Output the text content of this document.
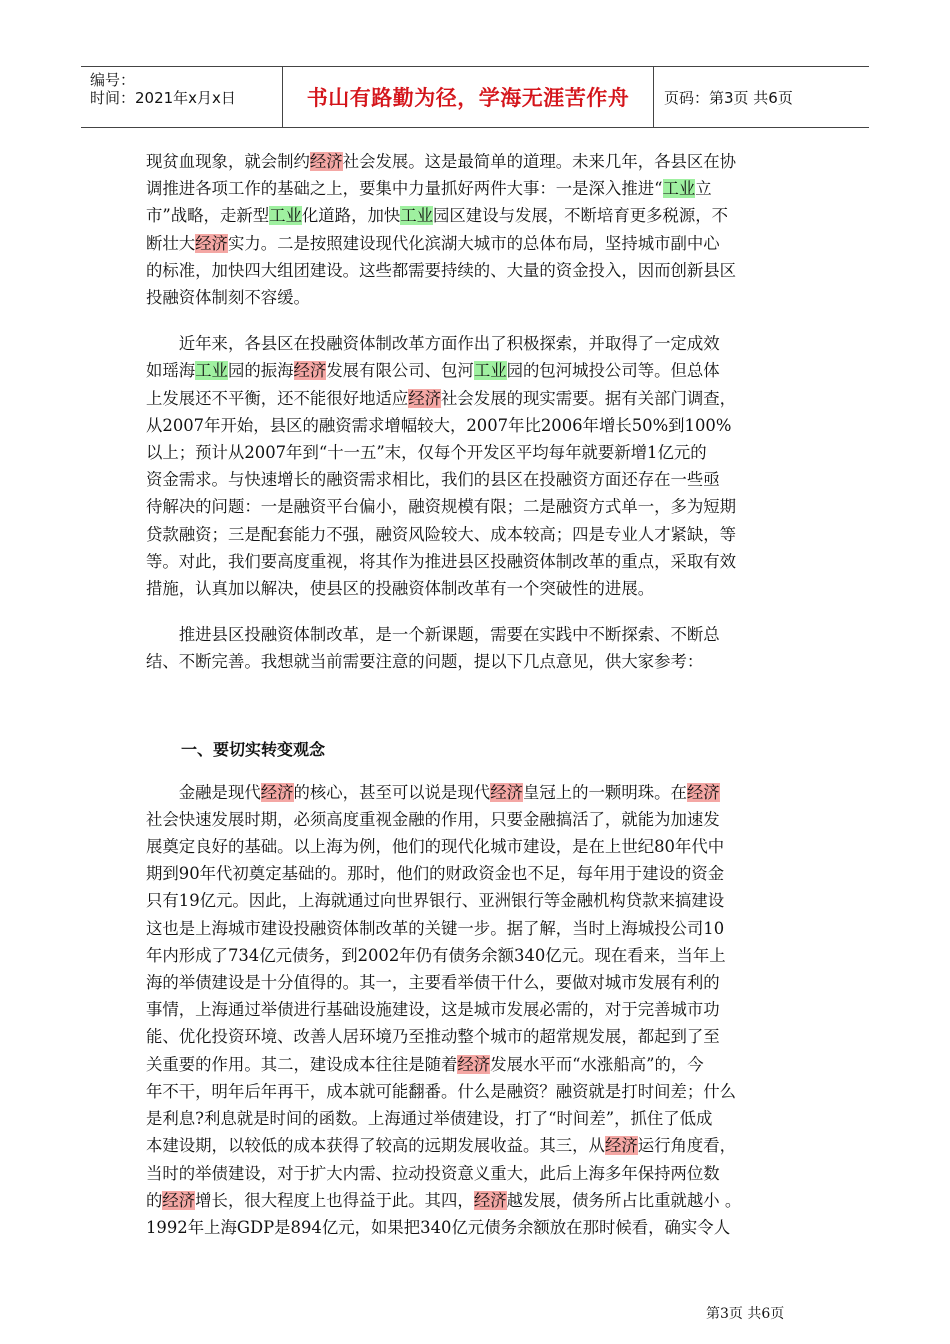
编号：
时间：2021年x月x日	书山有路勤为径，学海无涯苦作舟 页码：第3页 共6页
现贫血现象，就会制约经济社会发展。这是最简单的道理。未来几年，各县区在协
调推进各项工作的基础之上，要集中力量抓好两件大事：一是深入推进“工业立
市”战略，走新型工业化道路，加快工业园区建设与发展，不断培育更多税源，不
断壮大经济实力。二是按照建设现代化滨湖大城市的总体布局，坚持城市副中心
的标准，加快四大组团建设。这些都需要持续的、大量的资金投入，因而创新县区
投融资体制刻不容缓。
　　近年来，各县区在投融资体制改革方面作出了积极探索，并取得了一定成效
如瑶海工业园的振海经济发展有限公司、包河工业园的包河城投公司等。但总体
上发展还不平衡，还不能很好地适应经济社会发展的现实需要。据有关部门调查，
从2007年开始，县区的融资需求增幅较大，2007年比2006年增长50%到100%
以上；预计从2007年到“十一五”末，仅每个开发区平均每年就要新增1亿元的
资金需求。与快速增长的融资需求相比，我们的县区在投融资方面还存在一些亟
待解决的问题：一是融资平台偏小，融资规模有限；二是融资方式单一，多为短期
贷款融资；三是配套能力不强，融资风险较大、成本较高；四是专业人才紧缺，等
等。对此，我们要高度重视，将其作为推进县区投融资体制改革的重点，采取有效
措施，认真加以解决，使县区的投融资体制改革有一个突破性的进展。
　　推进县区投融资体制改革，是一个新课题，需要在实践中不断探索、不断总
结、不断完善。我想就当前需要注意的问题，提以下几点意见，供大家参考：
一、要切实转变观念
　　金融是现代经济的核心，甚至可以说是现代经济皇冠上的一颗明珠。在经济
社会快速发展时期，必须高度重视金融的作用，只要金融搞活了，就能为加速发
展奠定良好的基础。以上海为例，他们的现代化城市建设，是在上世纪80年代中
期到90年代初奠定基础的。那时，他们的财政资金也不足，每年用于建设的资金
只有19亿元。因此，上海就通过向世界银行、亚洲银行等金融机构贷款来搞建设
这也是上海城市建设投融资体制改革的关键一步。据了解，当时上海城投公司10
年内形成了734亿元债务，到2002年仍有债务余额340亿元。现在看来，当年上
海的举债建设是十分值得的。其一，主要看举债干什么，要做对城市发展有利的
事情，上海通过举债进行基础设施建设，这是城市发展必需的，对于完善城市功
能、优化投资环境、改善人居环境乃至推动整个城市的超常规发展，都起到了至
关重要的作用。其二，建设成本往往是随着经济发展水平而“水涨船高”的，今
年不干，明年后年再干，成本就可能翻番。什么是融资？融资就是打时间差；什么
是利息?利息就是时间的函数。上海通过举债建设，打了“时间差”，抓住了低成
本建设期，以较低的成本获得了较高的远期发展收益。其三，从经济运行角度看，
当时的举债建设，对于扩大内需、拉动投资意义重大，此后上海多年保持两位数
的经济增长，很大程度上也得益于此。其四，经济越发展，债务所占比重就越小 。
1992年上海GDP是894亿元，如果把340亿元债务余额放在那时候看，确实令人
第3页 共6页
